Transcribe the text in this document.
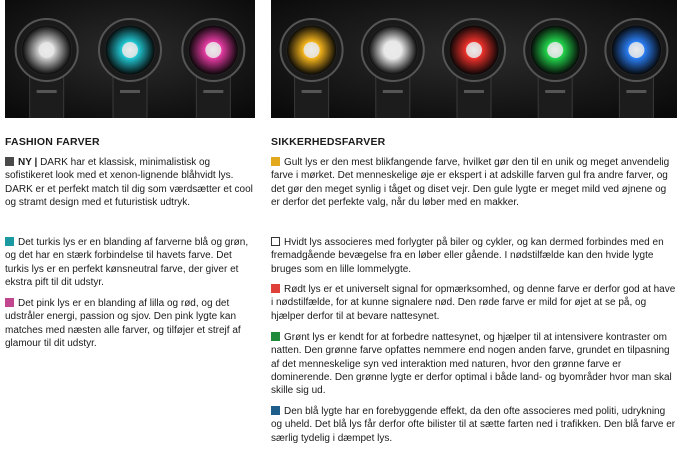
FASHION FARVER

NY | DARK har et klassisk, minimalistisk og sofistikeret look med et xenon-lignende blåhvidt lys. DARK er et perfekt match til dig som værdsætter et cool og stramt design med et futuristisk udtryk.

Det turkis lys er en blanding af farverne blå og grøn, og det har en stærk forbindelse til havets farve. Det turkis lys er en perfekt kønsneutral farve, der giver et ekstra pift til dit udstyr.

Det pink lys er en blanding af lilla og rød, og det udstråler energi, passion og sjov. Den pink lygte kan matches med næsten alle farver, og tilføjer et strejf af glamour til dit udstyr.

SIKKERHEDSFARVER

Gult lys er den mest blikfangende farve, hvilket gør den til en unik og meget anvendelig farve i mørket. Det menneskelige øje er ekspert i at adskille farven gul fra andre farver, og det gør den meget synlig i tåget og diset vejr. Den gule lygte er meget mild ved øjnene og er derfor det perfekte valg, når du løber med en makker.

Hvidt lys associeres med forlygter på biler og cykler, og kan dermed forbindes med en fremadgående bevægelse fra en løber eller gående. I nødstilfælde kan den hvide lygte bruges som en lille lommelygte.

Rødt lys er et universelt signal for opmærksomhed, og denne farve er derfor god at have i nødstilfælde, for at kunne signalere nød. Den røde farve er mild for øjet at se på, og hjælper derfor til at bevare nattesynet.

Grønt lys er kendt for at forbedre nattesynet, og hjælper til at intensivere kontraster om natten. Den grønne farve opfattes nemmere end nogen anden farve, grundet en tilpasning af det menneskelige syn ved interaktion med naturen, hvor den grønne farve er dominerende. Den grønne lygte er derfor optimal i både land- og byområder hvor man skal skille sig ud.

Den blå lygte har en forebyggende effekt, da den ofte associeres med politi, udrykning og uheld. Det blå lys får derfor ofte bilister til at sætte farten ned i trafikken. Den blå farve er særlig tydelig i dæmpet lys.
